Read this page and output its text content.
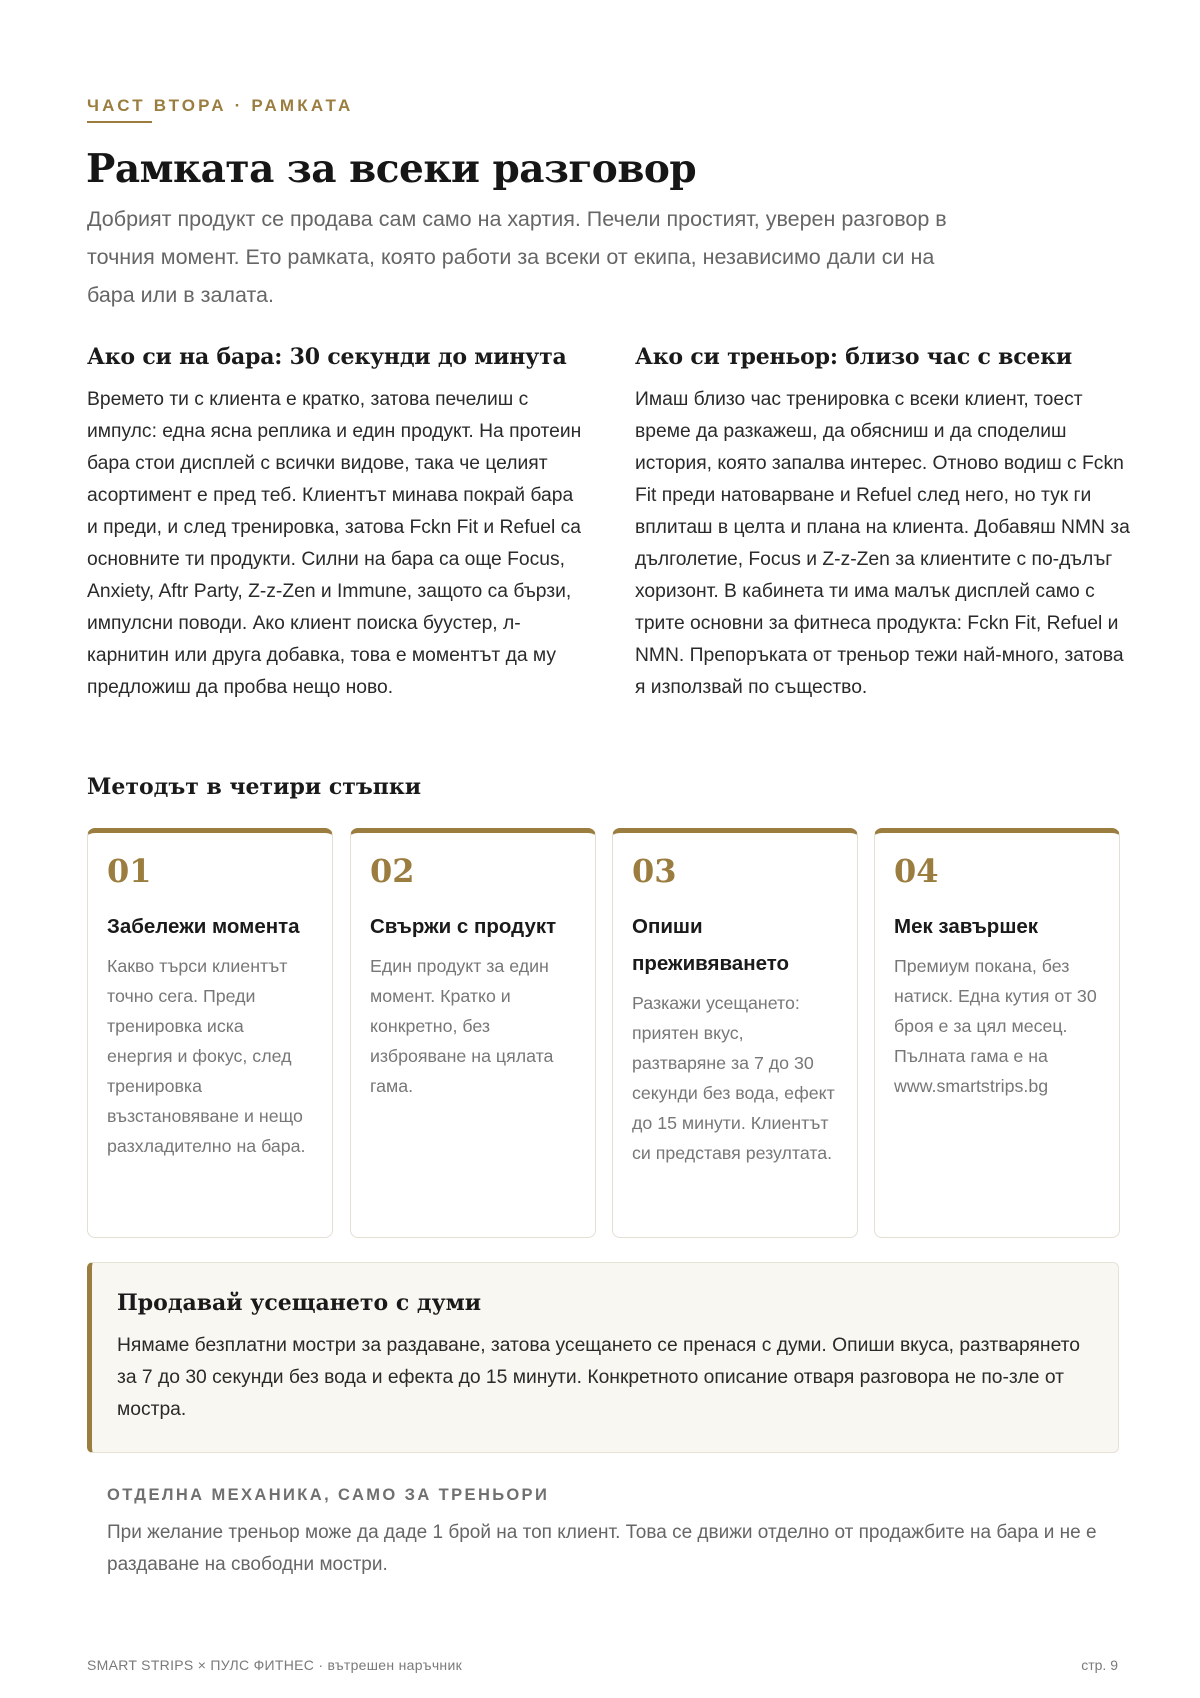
ЧАСТ ВТОРА · РАМКАТА
Рамката за всеки разговор

Добрият продукт се продава сам само на хартия. Печели простият, уверен разговор в точния момент. Ето рамката, която работи за всеки от екипа, независимо дали си на бара или в залата.

Ако си на бара: 30 секунди до минута

Времето ти с клиента е кратко, затова печелиш с импулс: една ясна реплика и един продукт. На протеин бара стои дисплей с всички видове, така че целият асортимент е пред теб. Клиентът минава покрай бара и преди, и след тренировка, затова Fckn Fit и Refuel са основните ти продукти. Силни на бара са още Focus, Anxiety, Aftr Party, Z-z-Zen и Immune, защото са бързи, импулсни поводи. Ако клиент поиска буустер, л-карнитин или друга добавка, това е моментът да му предложиш да пробва нещо ново.

Ако си треньор: близо час с всеки

Имаш близо час тренировка с всеки клиент, тоест време да разкажеш, да обясниш и да споделиш история, която запалва интерес. Отново водиш с Fckn Fit преди натоварване и Refuel след него, но тук ги вплиташ в целта и плана на клиента. Добавяш NMN за дълголетие, Focus и Z-z-Zen за клиентите с по-дълъг хоризонт. В кабинета ти има малък дисплей само с трите основни за фитнеса продукта: Fckn Fit, Refuel и NMN. Препоръката от треньор тежи най-много, затова я използвай по същество.

Методът в четири стъпки
01
Забележи момента

Какво търси клиентът точно сега. Преди тренировка иска енергия и фокус, след тренировка възстановяване и нещо разхладително на бара.

02
Свържи с продукт

Един продукт за един момент. Кратко и конкретно, без изброяване на цялата гама.

03
Опиши преживяването

Разкажи усещането: приятен вкус, разтваряне за 7 до 30 секунди без вода, ефект до 15 минути. Клиентът си представя резултата.

04
Мек завършек

Премиум покана, без натиск. Една кутия от 30 броя е за цял месец. Пълната гама е на www.smartstrips.bg

Продавай усещането с думи

Нямаме безплатни мостри за раздаване, затова усещането се пренася с думи. Опиши вкуса, разтварянето за 7 до 30 секунди без вода и ефекта до 15 минути. Конкретното описание отваря разговора не по-зле от мостра.

ОТДЕЛНА МЕХАНИКА, САМО ЗА ТРЕНЬОРИ

При желание треньор може да даде 1 брой на топ клиент. Това се движи отделно от продажбите на бара и не е раздаване на свободни мостри.

SMART STRIPS × ПУЛС ФИТНЕС · вътрешен наръчник	стр. 9
